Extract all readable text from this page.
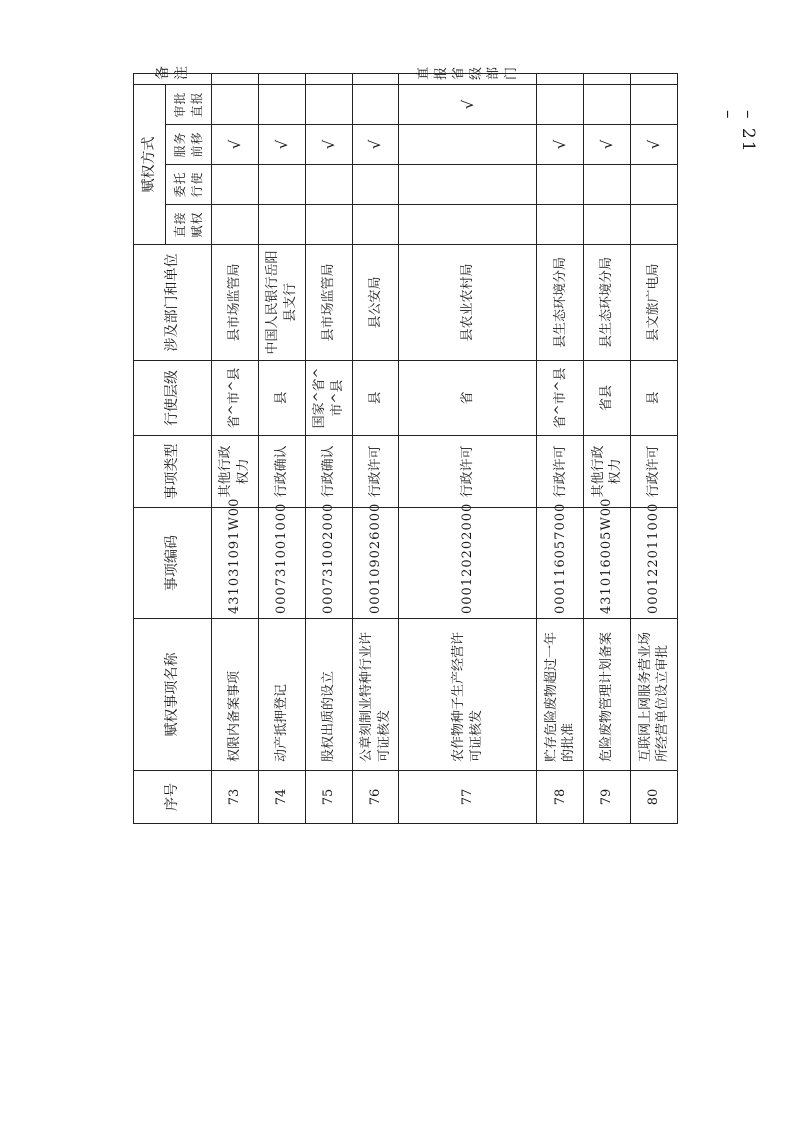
– 21 –
序号	赋权事项名称	事项编码	事项类型	行使层级	涉及部门和单位	赋权方式				备注
						直接赋权	委托行使	服务前移	审批直报	
73	权限内备案事项	431031091W00	其他行政权力	省^市^县	县市场监管局			√		
74	动产抵押登记	000731001000	行政确认	县	中国人民银行岳阳县支行			√		
75	股权出质的设立	000731002000	行政确认	国家^省^市^县	县市场监管局			√		
76	公章刻制业特种行业许可证核发	000109026000	行政许可	县	县公安局			√		
77	农作物种子生产经营许可证核发	000120202000	行政许可	省	县农业农村局				√	直报省级部门
78	贮存危险废物超过一年的批准	000116057000	行政许可	省^市^县	县生态环境分局			√		
79	危险废物管理计划备案	431016005W00	其他行政权力	省县	县生态环境分局			√		
80	互联网上网服务营业场所经营单位设立审批	000122011000	行政许可	县	县文旅广电局			√		
